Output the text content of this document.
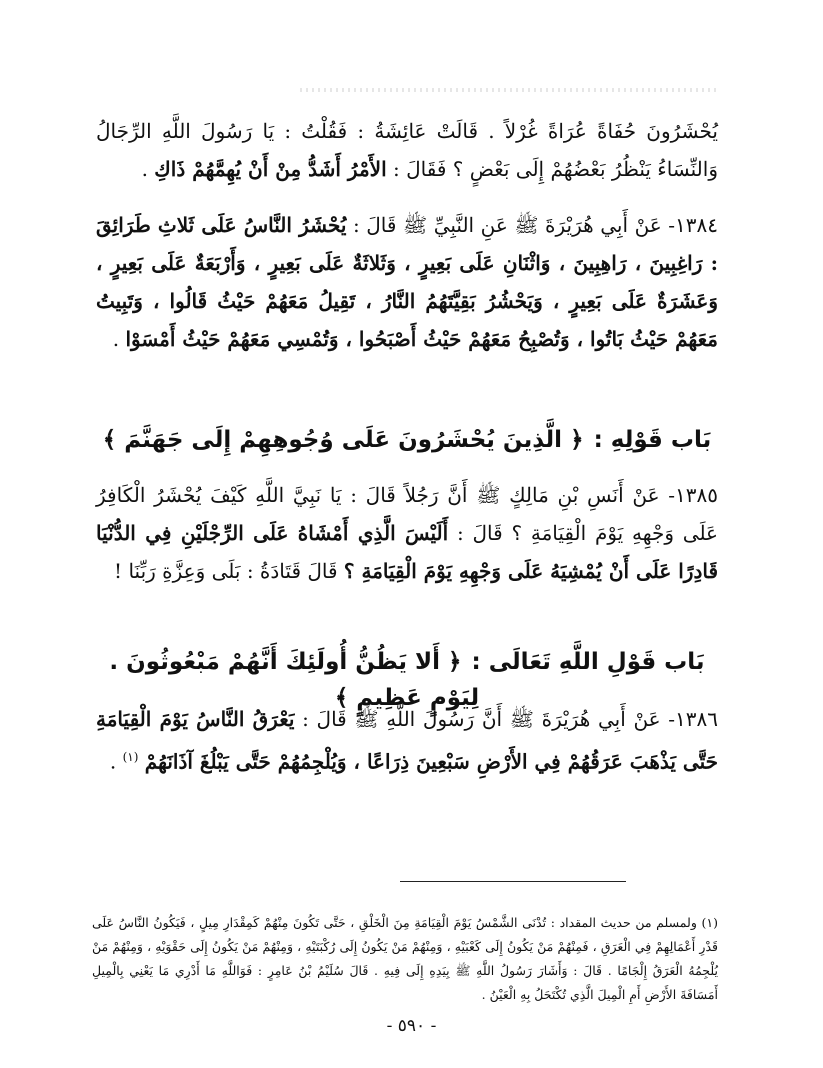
يُحْشَرُونَ حُفَاةً عُرَاةً غُرْلاً . قَالَتْ عَائِشَةُ : فَقُلْتُ : يَا رَسُولَ اللَّهِ الرِّجَالُ وَالنِّسَاءُ يَنْظُرُ بَعْضُهُمْ إِلَى بَعْضٍ ؟ فَقَالَ : الأَمْرُ أَشَدُّ مِنْ أَنْ يُهِمَّهُمْ ذَاكِ .

١٣٨٤- عَنْ أَبِي هُرَيْرَةَ ﷺ عَنِ النَّبِيِّ ﷺ قَالَ : يُحْشَرُ النَّاسُ عَلَى ثَلاثِ طَرَائِقَ : رَاغِبِينَ ، رَاهِبِينَ ، وَاثْنَانِ عَلَى بَعِيرٍ ، وَثَلاثَةٌ عَلَى بَعِيرٍ ، وَأَرْبَعَةٌ عَلَى بَعِيرٍ ، وَعَشَرَةٌ عَلَى بَعِيرٍ ، وَيَحْشُرُ بَقِيَّتَهُمُ النَّارُ ، تَقِيلُ مَعَهُمْ حَيْثُ قَالُوا ، وَتَبِيتُ مَعَهُمْ حَيْثُ بَاتُوا ، وَتُصْبِحُ مَعَهُمْ حَيْثُ أَصْبَحُوا ، وَتُمْسِي مَعَهُمْ حَيْثُ أَمْسَوْا .

بَاب قَوْلِهِ :﴿ الَّذِينَ يُحْشَرُونَ عَلَى وُجُوهِهِمْ إِلَى جَهَنَّمَ ﴾

١٣٨٥- عَنْ أَنَسِ بْنِ مَالِكٍ ﷺ أَنَّ رَجُلاً قَالَ : يَا نَبِيَّ اللَّهِ كَيْفَ يُحْشَرُ الْكَافِرُ عَلَى وَجْهِهِ يَوْمَ الْقِيَامَةِ ؟ قَالَ : أَلَيْسَ الَّذِي أَمْشَاهُ عَلَى الرِّجْلَيْنِ فِي الدُّنْيَا قَادِرًا عَلَى أَنْ يُمْشِيَهُ عَلَى وَجْهِهِ يَوْمَ الْقِيَامَةِ ؟ قَالَ قَتَادَةُ : بَلَى وَعِزَّةِ رَبِّنَا !

بَاب قَوْلِ اللَّهِ تَعَالَى :﴿ أَلا يَظُنُّ أُولَئِكَ أَنَّهُمْ مَبْعُوثُونَ . لِيَوْمٍ عَظِيمٍ ﴾

١٣٨٦- عَنْ أَبِي هُرَيْرَةَ ﷺ أَنَّ رَسُولَ اللَّهِ ﷺ قَالَ : يَعْرَقُ النَّاسُ يَوْمَ الْقِيَامَةِ حَتَّى يَذْهَبَ عَرَقُهُمْ فِي الأَرْضِ سَبْعِينَ ذِرَاعًا ، وَيُلْجِمُهُمْ حَتَّى يَبْلُغَ آذَانَهُمْ $^{(١)}$ .

(١) ولمسلم من حديث المقداد : تُدْنَى الشَّمْسُ يَوْمَ الْقِيَامَةِ مِنَ الْخَلْقِ ، حَتَّى تَكُونَ مِنْهُمْ كَمِقْدَارِ مِيلٍ ، فَيَكُونُ النَّاسُ عَلَى قَدْرِ أَعْمَالِهِمْ فِي الْعَرَقِ ، فَمِنْهُمْ مَنْ يَكُونُ إِلَى كَعْبَيْهِ ، وَمِنْهُمْ مَنْ يَكُونُ إِلَى رُكْبَتَيْهِ ، وَمِنْهُمْ مَنْ يَكُونُ إِلَى حَقْوَيْهِ ، وَمِنْهُمْ مَنْ يُلْجِمُهُ الْعَرَقُ إِلْجَامًا . قَالَ : وَأَشَارَ رَسُولُ اللَّهِ ﷺ بِيَدِهِ إِلَى فِيهِ . قَالَ سُلَيْمُ بْنُ عَامِرٍ : فَوَاللَّهِ مَا أَدْرِي مَا يَعْنِي بِالْمِيلِ أَمَسَافَةَ الأَرْضِ أَمِ الْمِيلَ الَّذِي تُكْتَحَلُ بِهِ الْعَيْنُ .

- ٥٩٠ -
